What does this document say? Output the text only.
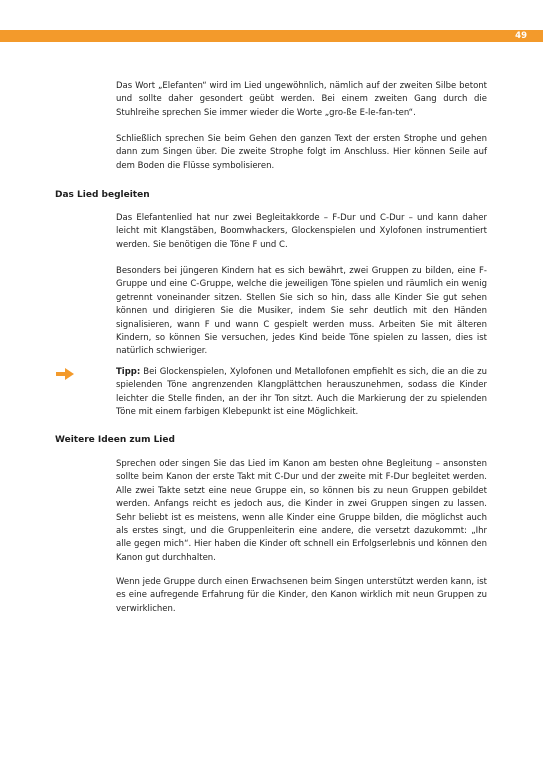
49

Das Wort „Elefanten“ wird im Lied ungewöhnlich, nämlich auf der zweiten Silbe betont und sollte daher gesondert geübt werden. Bei einem zweiten Gang durch die Stuhlreihe sprechen Sie immer wieder die Worte „gro-ße E-le-fan-ten“.

Schließlich sprechen Sie beim Gehen den ganzen Text der ersten Strophe und gehen dann zum Singen über. Die zweite Strophe folgt im Anschluss. Hier können Seile auf dem Boden die Flüsse symbolisieren.

Das Lied begleiten

Das Elefantenlied hat nur zwei Begleitakkorde – F-Dur und C-Dur – und kann daher leicht mit Klangstäben, Boomwhackers, Glockenspielen und Xylofonen instrumentiert werden. Sie benötigen die Töne F und C.

Besonders bei jüngeren Kindern hat es sich bewährt, zwei Gruppen zu bilden, eine F-Gruppe und eine C-Gruppe, welche die jeweiligen Töne spielen und räumlich ein wenig getrennt voneinander sitzen. Stellen Sie sich so hin, dass alle Kinder Sie gut sehen können und dirigieren Sie die Musiker, indem Sie sehr deutlich mit den Händen signalisieren, wann F und wann C gespielt werden muss. Arbeiten Sie mit älteren Kindern, so können Sie versuchen, jedes Kind beide Töne spielen zu lassen, dies ist natürlich schwieriger.

Tipp: Bei Glockenspielen, Xylofonen und Metallofonen empfiehlt es sich, die an die zu spielenden Töne angrenzenden Klangplättchen herauszunehmen, sodass die Kinder leichter die Stelle finden, an der ihr Ton sitzt. Auch die Markierung der zu spielenden Töne mit einem farbigen Klebepunkt ist eine Möglichkeit.

Weitere Ideen zum Lied

Sprechen oder singen Sie das Lied im Kanon am besten ohne Begleitung – ansonsten sollte beim Kanon der erste Takt mit C-Dur und der zweite mit F-Dur begleitet werden. Alle zwei Takte setzt eine neue Gruppe ein, so können bis zu neun Gruppen gebildet werden. Anfangs reicht es jedoch aus, die Kinder in zwei Gruppen singen zu lassen. Sehr beliebt ist es meistens, wenn alle Kinder eine Gruppe bilden, die möglichst auch als erstes singt, und die Gruppenleiterin eine andere, die versetzt dazukommt: „Ihr alle gegen mich“. Hier haben die Kinder oft schnell ein Erfolgserlebnis und können den Kanon gut durchhalten.

Wenn jede Gruppe durch einen Erwachsenen beim Singen unterstützt werden kann, ist es eine aufregende Erfahrung für die Kinder, den Kanon wirklich mit neun Gruppen zu verwirklichen.
